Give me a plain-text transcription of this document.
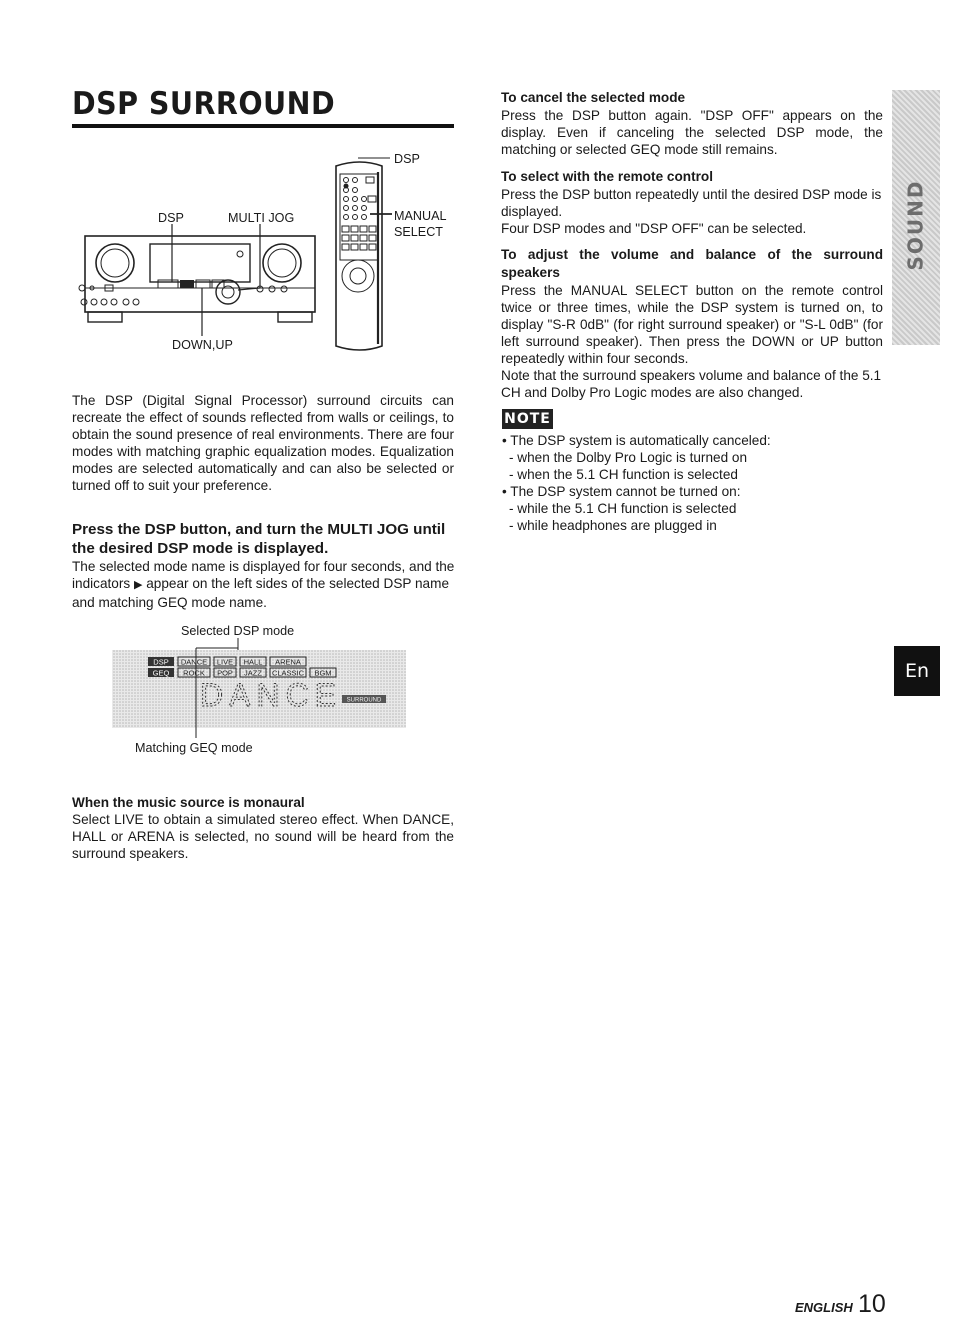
DSP SURROUND
DSP
DSP	MULTI JOG	MANUAL
SELECT
DOWN,UP
The DSP (Digital Signal Processor) surround circuits can recreate the effect of sounds reflected from walls or ceilings, to obtain the sound presence of real environments. There are four modes with matching graphic equalization modes. Equalization modes are selected automatically and can also be selected or turned off to suit your preference.
Press the DSP button, and turn the MULTI JOG until
the desired DSP mode is displayed.
The selected mode name is displayed for four seconds, and the indicators ▶ appear on the left sides of the selected DSP name and matching GEQ mode name.
Selected DSP mode
Matching GEQ mode
DSP DANCE LIVE HALL ARENA
GEQ ROCK POP JAZZ CLASSIC BGM
DANCE SURROUND
When the music source is monaural
Select LIVE to obtain a simulated stereo effect. When DANCE, HALL or ARENA is selected, no sound will be heard from the surround speakers.
To cancel the selected mode
Press the DSP button again. "DSP OFF" appears on the display. Even if canceling the selected DSP mode, the matching or selected GEQ mode still remains.
To select with the remote control
Press the DSP button repeatedly until the desired DSP mode is displayed.
Four DSP modes and "DSP OFF" can be selected.
To adjust the volume and balance of the surround speakers
Press the MANUAL SELECT button on the remote control twice or three times, while the DSP system is turned on, to display "S-R 0dB" (for right surround speaker) or "S-L 0dB" (for left surround speaker). Then press the DOWN or UP button repeatedly within four seconds.
Note that the surround speakers volume and balance of the 5.1 CH and Dolby Pro Logic modes are also changed.
NOTE

• The DSP system is automatically canceled:

- when the Dolby Pro Logic is turned on

- when the 5.1 CH function is selected

• The DSP system cannot be turned on:

- while the 5.1 CH function is selected

- while headphones are plugged in

SOUND
En
ENGLISH 10
